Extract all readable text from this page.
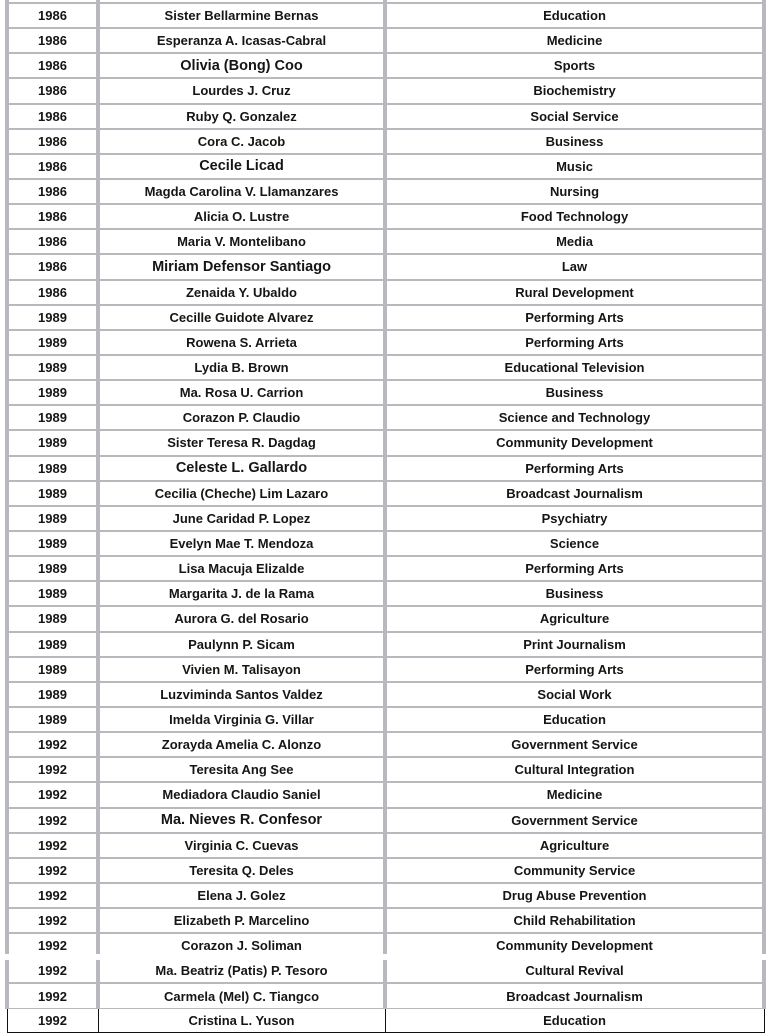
1986	Sister Bellarmine Bernas	Education
1986	Esperanza A. Icasas-Cabral	Medicine
1986	Olivia (Bong) Coo	Sports
1986	Lourdes J. Cruz	Biochemistry
1986	Ruby Q. Gonzalez	Social Service
1986	Cora C. Jacob	Business
1986	Cecile Licad	Music
1986	Magda Carolina V. Llamanzares	Nursing
1986	Alicia O. Lustre	Food Technology
1986	Maria V. Montelibano	Media
1986	Miriam Defensor Santiago	Law
1986	Zenaida Y. Ubaldo	Rural Development
1989	Cecille Guidote Alvarez	Performing Arts
1989	Rowena S. Arrieta	Performing Arts
1989	Lydia B. Brown	Educational Television
1989	Ma. Rosa U. Carrion	Business
1989	Corazon P. Claudio	Science and Technology
1989	Sister Teresa R. Dagdag	Community Development
1989	Celeste L. Gallardo	Performing Arts
1989	Cecilia (Cheche) Lim Lazaro	Broadcast Journalism
1989	June Caridad P. Lopez	Psychiatry
1989	Evelyn Mae T. Mendoza	Science
1989	Lisa Macuja Elizalde	Performing Arts
1989	Margarita J. de la Rama	Business
1989	Aurora G. del Rosario	Agriculture
1989	Paulynn P. Sicam	Print Journalism
1989	Vivien M. Talisayon	Performing Arts
1989	Luzviminda Santos Valdez	Social Work
1989	Imelda Virginia G. Villar	Education
1992	Zorayda Amelia C. Alonzo	Government Service
1992	Teresita Ang See	Cultural Integration
1992	Mediadora Claudio Saniel	Medicine
1992	Ma. Nieves R. Confesor	Government Service
1992	Virginia C. Cuevas	Agriculture
1992	Teresita Q. Deles	Community Service
1992	Elena J. Golez	Drug Abuse Prevention
1992	Elizabeth P. Marcelino	Child Rehabilitation
1992	Corazon J. Soliman	Community Development
1992	Ma. Beatriz (Patis) P. Tesoro	Cultural Revival
1992	Carmela (Mel) C. Tiangco	Broadcast Journalism
1992	Cristina L. Yuson	Education
